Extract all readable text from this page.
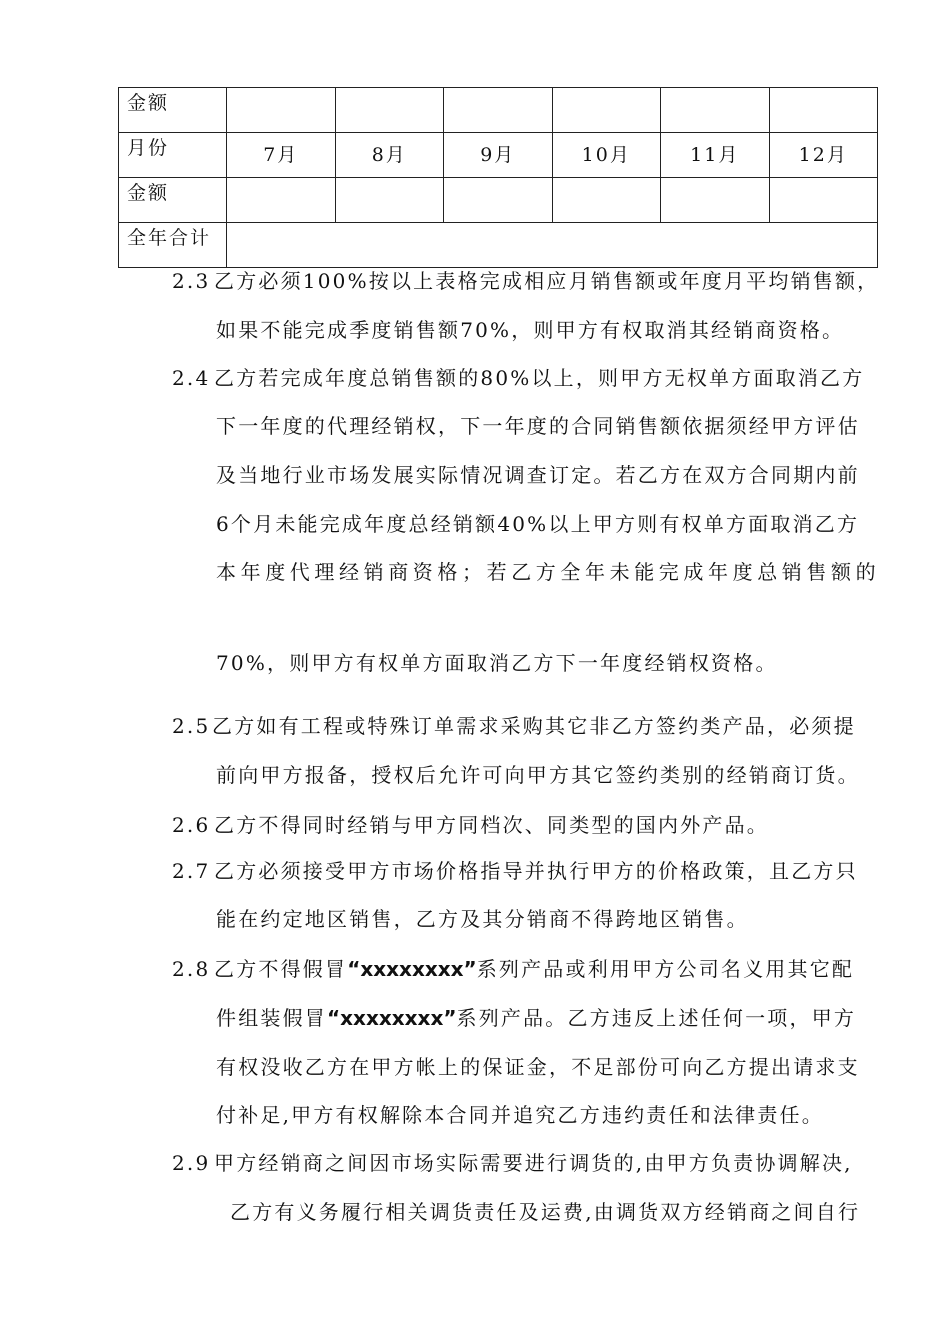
金额						
月份	7月	8月	9月	10月	11月	12月
金额						
全年合计						
2.3 乙方必须100%按以上表格完成相应月销售额或年度月平均销售额，
如果不能完成季度销售额70%，则甲方有权取消其经销商资格。
2.4 乙方若完成年度总销售额的80%以上，则甲方无权单方面取消乙方
下一年度的代理经销权，下一年度的合同销售额依据须经甲方评估
及当地行业市场发展实际情况调查订定。若乙方在双方合同期内前
6个月未能完成年度总经销额40%以上甲方则有权单方面取消乙方
本年度代理经销商资格；若乙方全年未能完成年度总销售额的
70%，则甲方有权单方面取消乙方下一年度经销权资格。
2.5乙方如有工程或特殊订单需求采购其它非乙方签约类产品，必须提
前向甲方报备，授权后允许可向甲方其它签约类别的经销商订货。
2.6 乙方不得同时经销与甲方同档次、同类型的国内外产品。
2.7 乙方必须接受甲方市场价格指导并执行甲方的价格政策，且乙方只
能在约定地区销售，乙方及其分销商不得跨地区销售。
2.8 乙方不得假冒“xxxxxxxx”系列产品或利用甲方公司名义用其它配
件组装假冒“xxxxxxxx”系列产品。乙方违反上述任何一项，甲方
有权没收乙方在甲方帐上的保证金，不足部份可向乙方提出请求支
付补足,甲方有权解除本合同并追究乙方违约责任和法律责任。
2.9 甲方经销商之间因市场实际需要进行调货的,由甲方负责协调解决,
乙方有义务履行相关调货责任及运费,由调货双方经销商之间自行
